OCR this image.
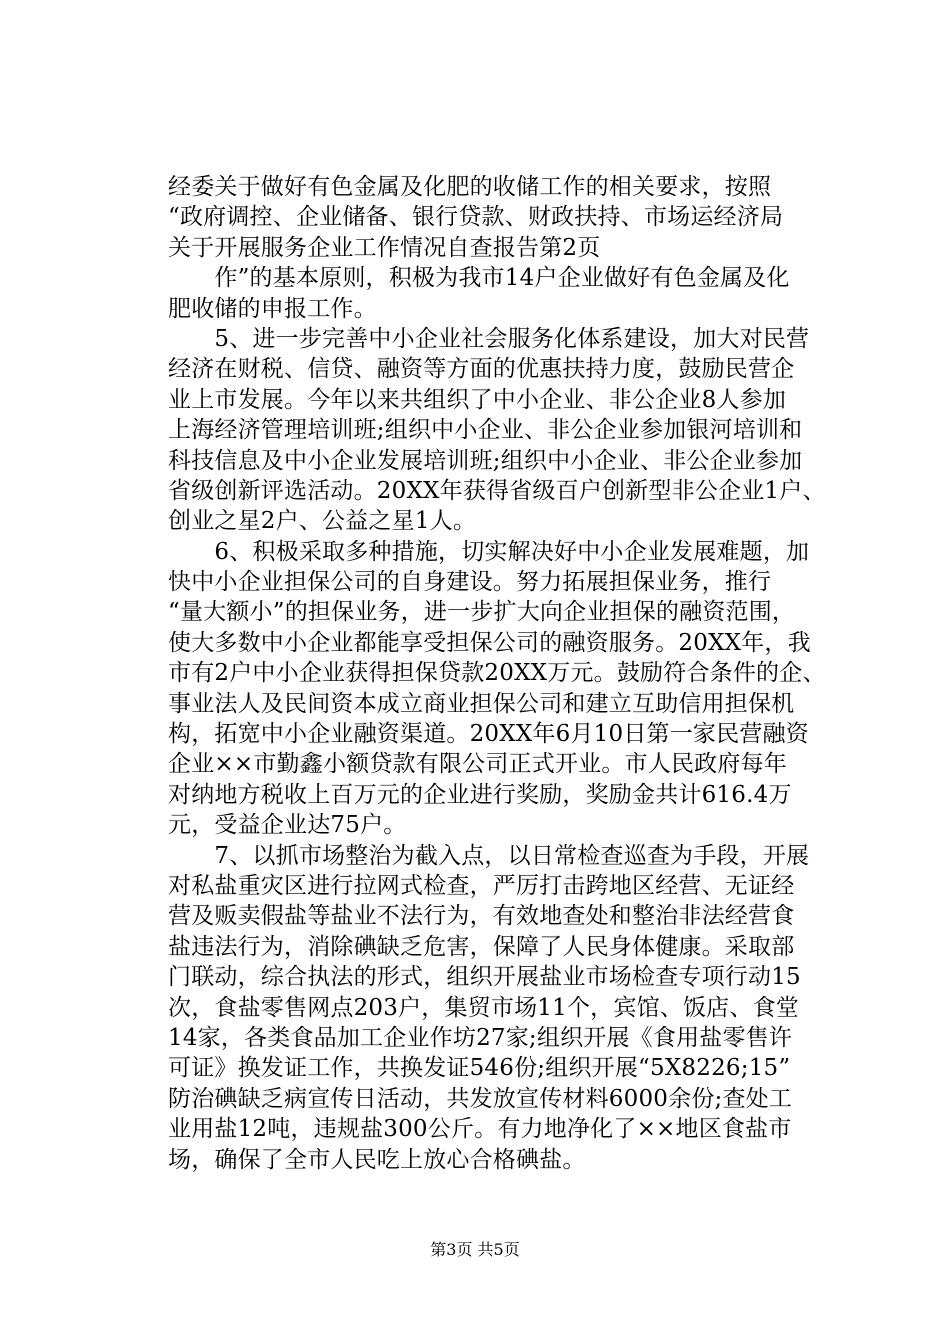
经委关于做好有色金属及化肥的收储工作的相关要求，按照
“政府调控、企业储备、银行贷款、财政扶持、市场运经济局
关于开展服务企业工作情况自查报告第2页
　　作”的基本原则，积极为我市14户企业做好有色金属及化
肥收储的申报工作。
　　5、进一步完善中小企业社会服务化体系建设，加大对民营
经济在财税、信贷、融资等方面的优惠扶持力度，鼓励民营企
业上市发展。今年以来共组织了中小企业、非公企业8人参加
上海经济管理培训班;组织中小企业、非公企业参加银河培训和
科技信息及中小企业发展培训班;组织中小企业、非公企业参加
省级创新评选活动。20XX年获得省级百户创新型非公企业1户、
创业之星2户、公益之星1人。
　　6、积极采取多种措施，切实解决好中小企业发展难题，加
快中小企业担保公司的自身建设。努力拓展担保业务，推行
“量大额小”的担保业务，进一步扩大向企业担保的融资范围，
使大多数中小企业都能享受担保公司的融资服务。20XX年，我
市有2户中小企业获得担保贷款20XX万元。鼓励符合条件的企、
事业法人及民间资本成立商业担保公司和建立互助信用担保机
构，拓宽中小企业融资渠道。20XX年6月10日第一家民营融资
企业××市勤鑫小额贷款有限公司正式开业。市人民政府每年
对纳地方税收上百万元的企业进行奖励，奖励金共计616.4万
元，受益企业达75户。
　　7、以抓市场整治为截入点，以日常检查巡查为手段，开展
对私盐重灾区进行拉网式检查，严厉打击跨地区经营、无证经
营及贩卖假盐等盐业不法行为，有效地查处和整治非法经营食
盐违法行为，消除碘缺乏危害，保障了人民身体健康。采取部
门联动，综合执法的形式，组织开展盐业市场检查专项行动15
次，食盐零售网点203户，集贸市场11个，宾馆、饭店、食堂
14家，各类食品加工企业作坊27家;组织开展《食用盐零售许
可证》换发证工作，共换发证546份;组织开展“5X8226;15”
防治碘缺乏病宣传日活动，共发放宣传材料6000余份;查处工
业用盐12吨，违规盐300公斤。有力地净化了××地区食盐市
场，确保了全市人民吃上放心合格碘盐。
第3页 共5页
